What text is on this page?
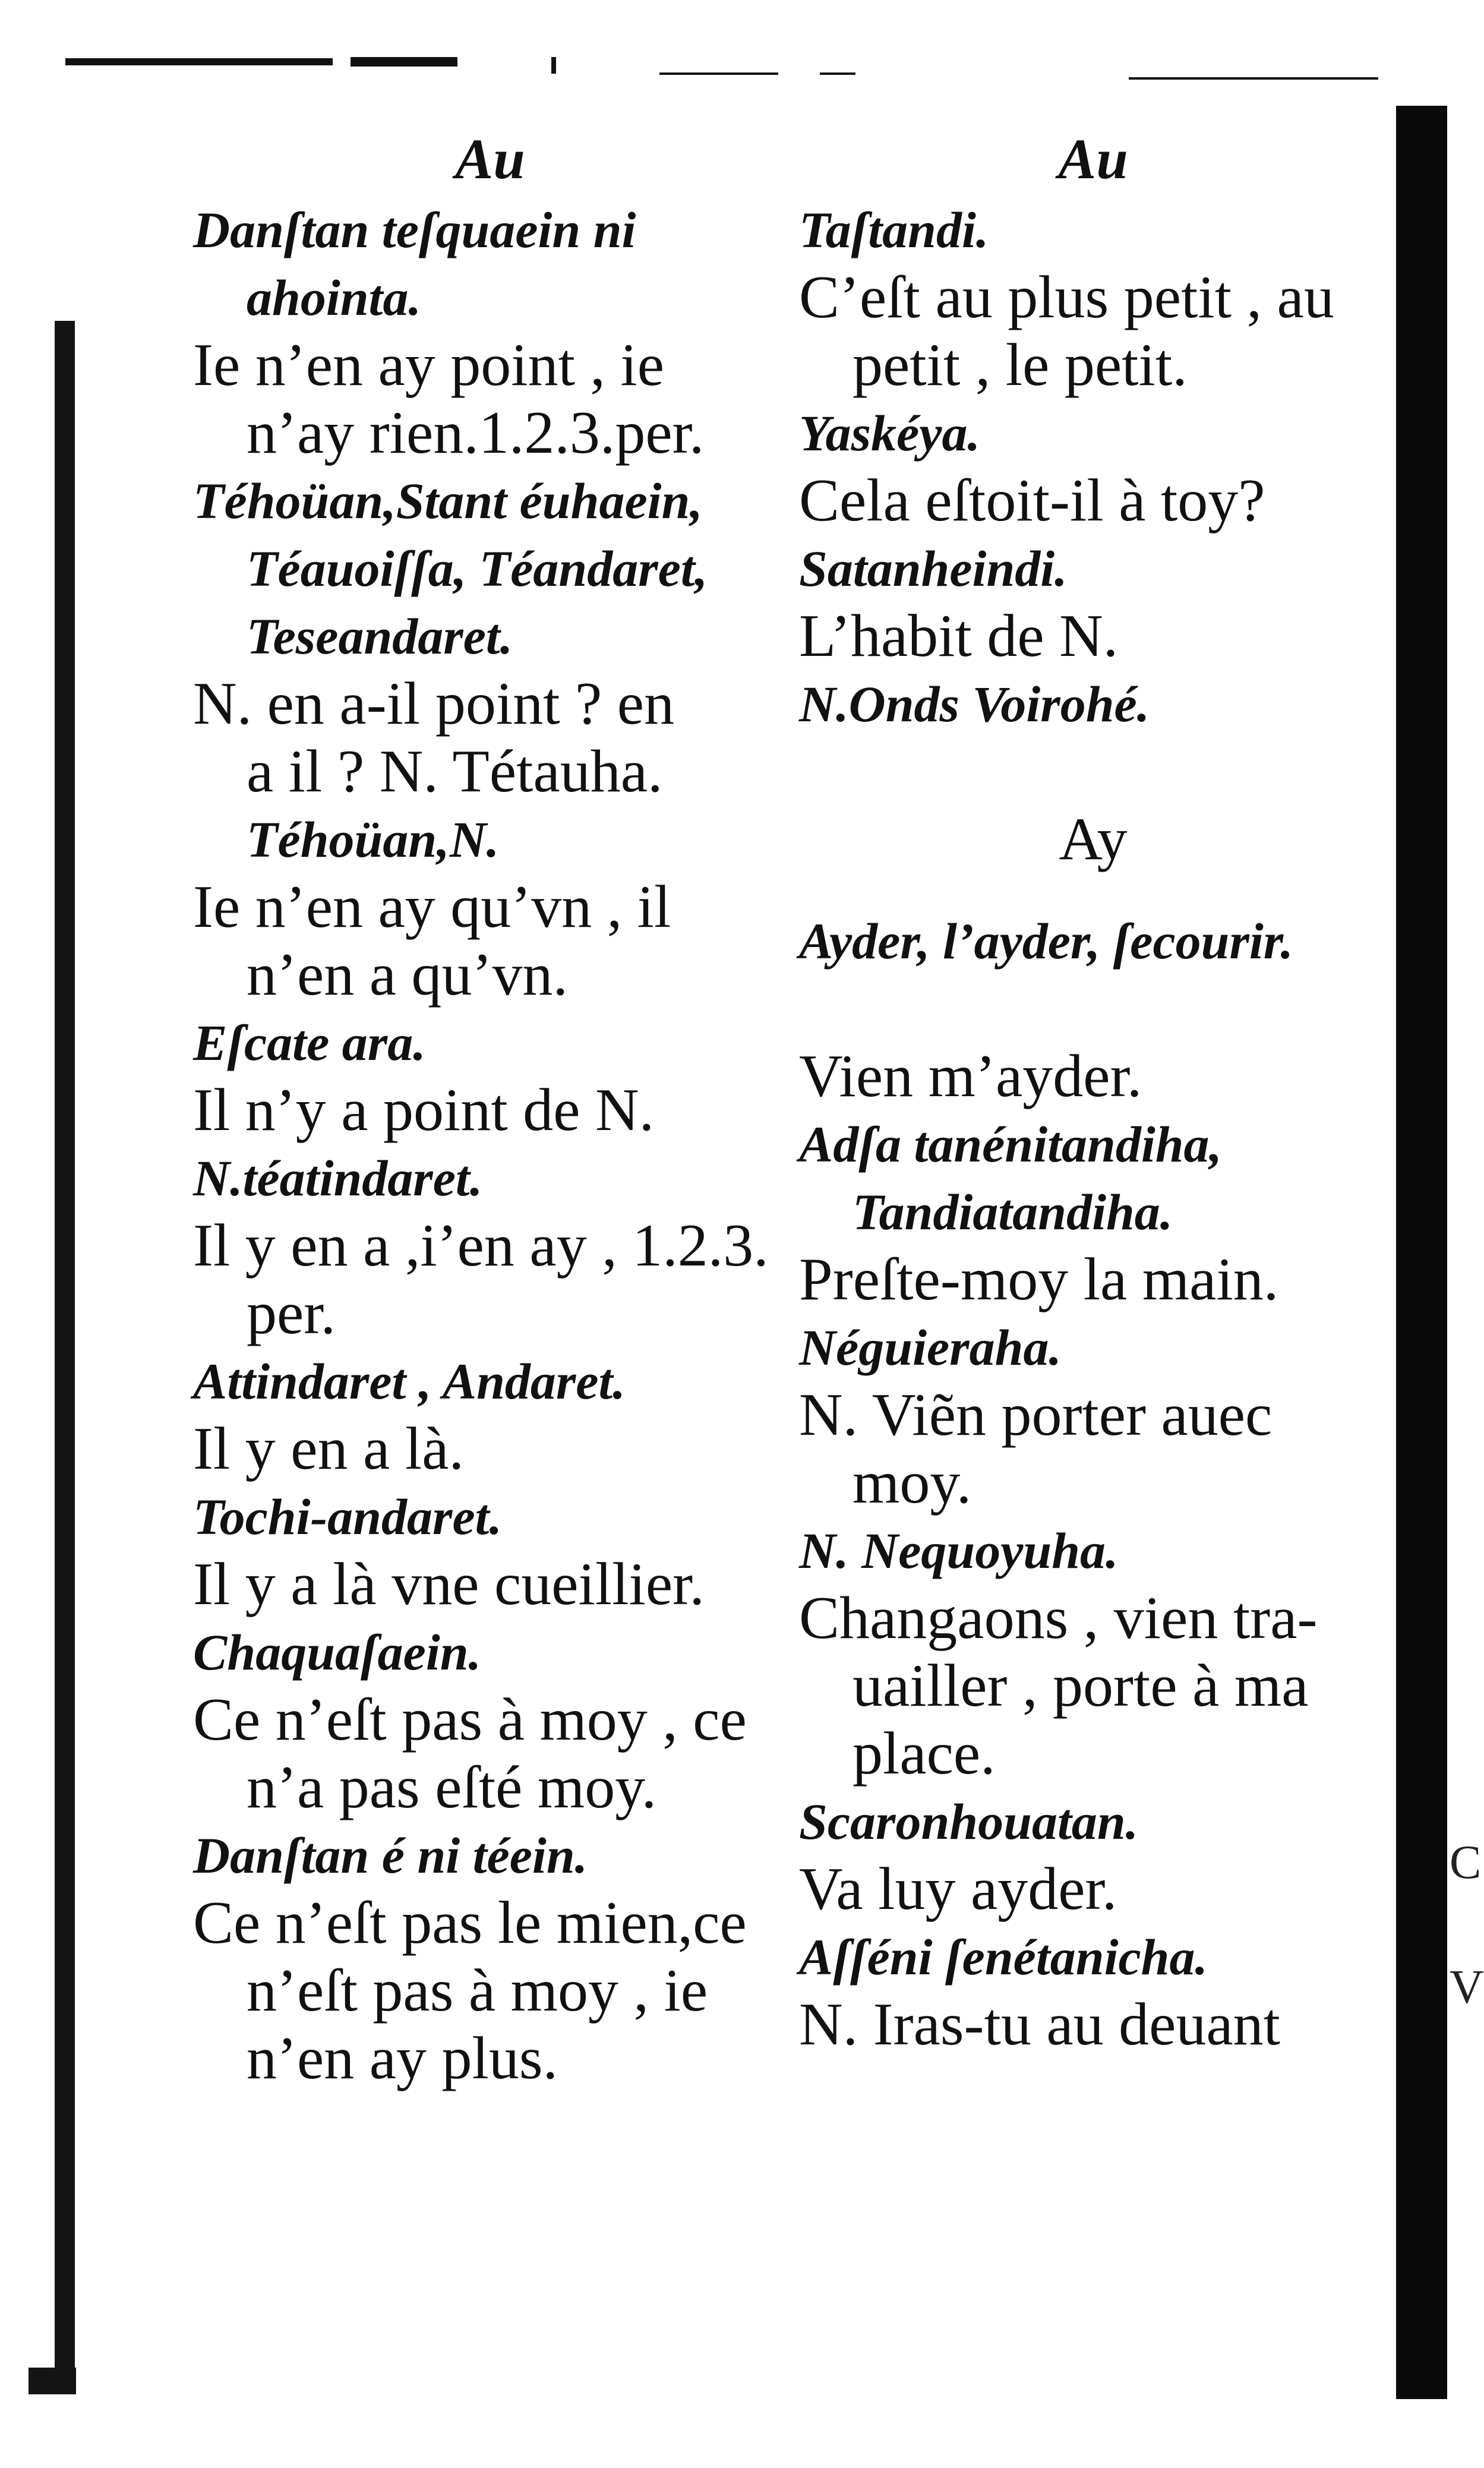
Au
Danſtan teſquaein ni
ahointa.
Ie n’en ay point , ie
n’ay rien.1.2.3.per.
Téhoüan,Stant éuhaein,
Téauoiſſa, Téandaret,
Teseandaret.
N. en a-il point ? en
a il ? N. Tétauha.
Téhoüan,N.
Ie n’en ay qu’vn , il
n’en a qu’vn.
Eſcate ara.
Il n’y a point de N.
N.téatindaret.
Il y en a ,i’en ay , 1.2.3.
per.
Attindaret , Andaret.
Il y en a là.
Tochi-andaret.
Il y a là vne cueillier.
Chaquaſaein.
Ce n’eſt pas à moy , ce
n’a pas eſté moy.
Danſtan é ni téein.
Ce n’eſt pas le mien,ce
n’eſt pas à moy , ie
n’en ay plus.
Au
Taſtandi.
C’eſt au plus petit , au
petit , le petit.
Yaskéya.
Cela eſtoit-il à toy?
Satanheindi.
L’habit de N.
N.Onds Voirohé.
Ay
Ayder, l’ayder, ſecourir.
Vien m’ayder.
Adſa tanénitandiha,
Tandiatandiha.
Preſte-moy la main.
Néguieraha.
N. Viẽn porter auec
moy.
N. Nequoyuha.
Changaons , vien tra-
uailler , porte à ma
place.
Scaronhouatan.
Va luy ayder.
Aſſéni ſenétanicha.
N. Iras-tu au deuant
C
V
